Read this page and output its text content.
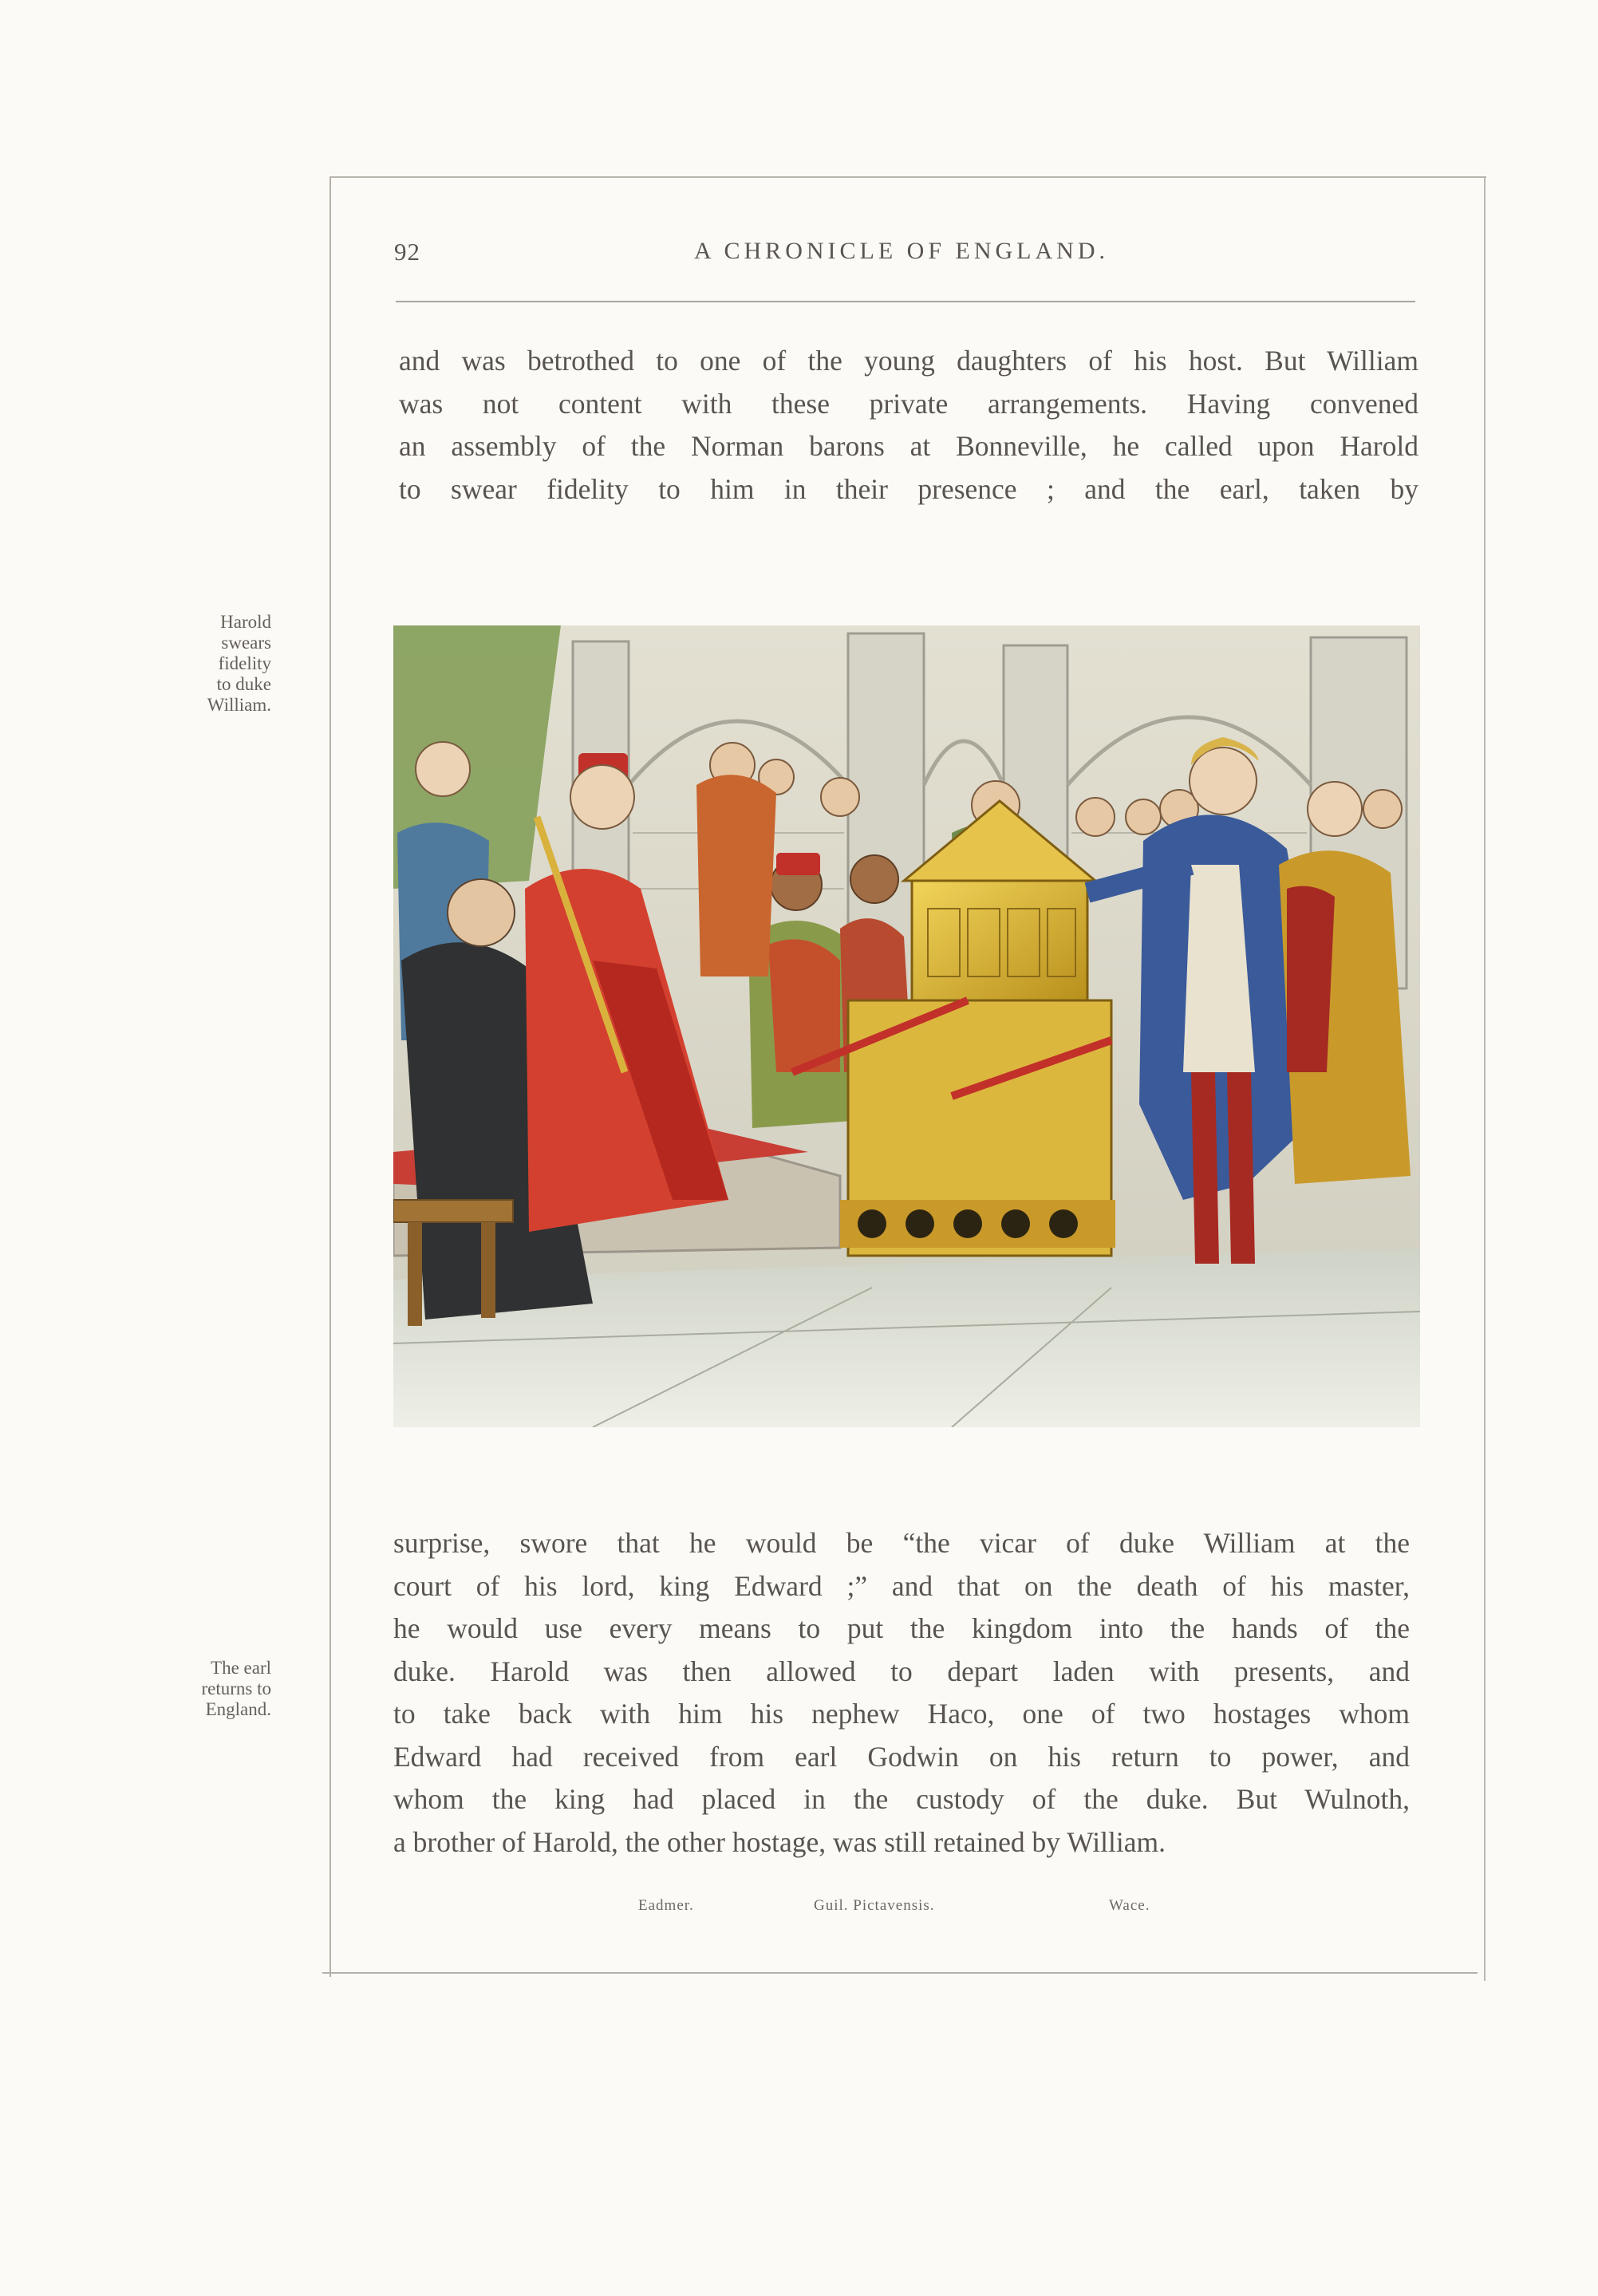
92	A CHRONICLE OF ENGLAND.
and was betrothed to one of the young daughters of his host. But William
was not content with these private arrangements. Having convened
an assembly of the Norman barons at Bonneville, he called upon Harold
to swear fidelity to him in their presence ; and the earl, taken by
Harold
swears
fidelity
to duke
William.
surprise, swore that he would be “the vicar of duke William at the
court of his lord, king Edward ;” and that on the death of his master,
he would use every means to put the kingdom into the hands of the
duke. Harold was then allowed to depart laden with presents, and
to take back with him his nephew Haco, one of two hostages whom
Edward had received from earl Godwin on his return to power, and
whom the king had placed in the custody of the duke. But Wulnoth,
a brother of Harold, the other hostage, was still retained by William.
The earl
returns to
England.
Eadmer.	Guil. Pictavensis.	Wace.
